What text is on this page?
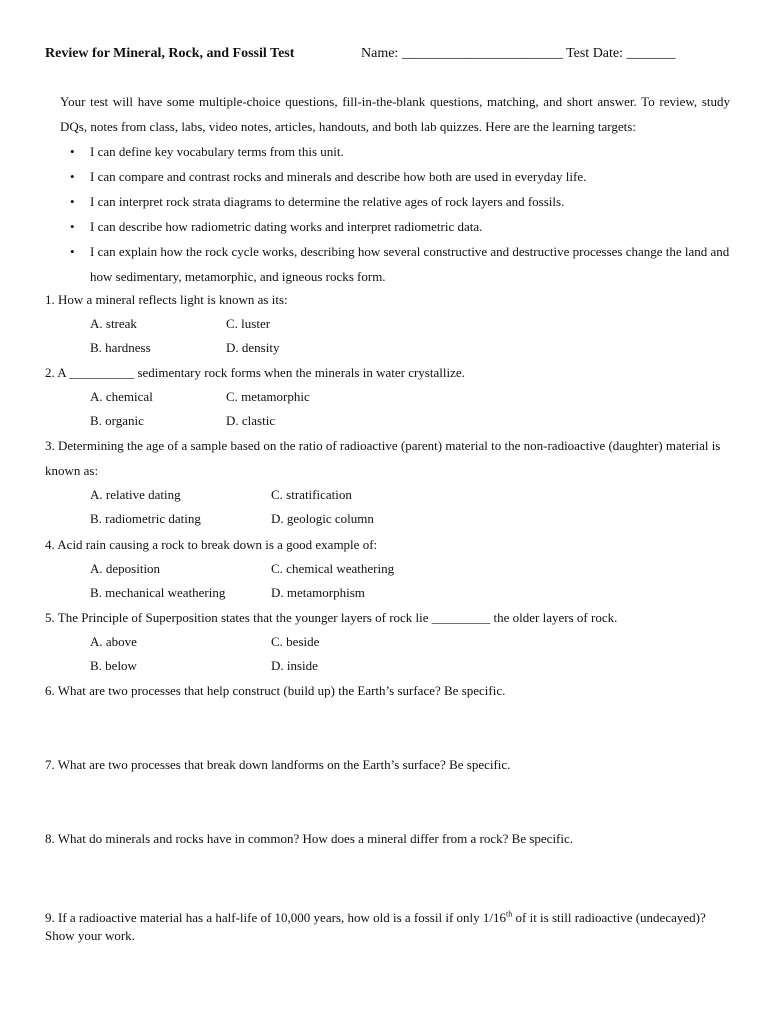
Review for Mineral, Rock, and Fossil Test	Name: _______________________ Test Date: _______

Your test will have some multiple-choice questions, fill-in-the-blank questions, matching, and short answer. To review, study DQs, notes from class, labs, video notes, articles, handouts, and both lab quizzes. Here are the learning targets:

• I can define key vocabulary terms from this unit.
• I can compare and contrast rocks and minerals and describe how both are used in everyday life.
• I can interpret rock strata diagrams to determine the relative ages of rock layers and fossils.
• I can describe how radiometric dating works and interpret radiometric data.
• I can explain how the rock cycle works, describing how several constructive and destructive processes change the land and how sedimentary, metamorphic, and igneous rocks form.

1. How a mineral reflects light is known as its:

A. streak	C. luster
B. hardness	D. density

2. A __________ sedimentary rock forms when the minerals in water crystallize.

A. chemical	C. metamorphic
B. organic	D. clastic

3. Determining the age of a sample based on the ratio of radioactive (parent) material to the non-radioactive (daughter) material is known as:

A. relative dating	C. stratification
B. radiometric dating	D. geologic column

4. Acid rain causing a rock to break down is a good example of:

A. deposition	C. chemical weathering
B. mechanical weathering	D. metamorphism

5. The Principle of Superposition states that the younger layers of rock lie _________ the older layers of rock.

A. above	C. beside
B. below	D. inside

6. What are two processes that help construct (build up) the Earth’s surface? Be specific.

7. What are two processes that break down landforms on the Earth’s surface? Be specific.

8. What do minerals and rocks have in common? How does a mineral differ from a rock? Be specific.

9. If a radioactive material has a half-life of 10,000 years, how old is a fossil if only 1/16th of it is still radioactive (undecayed)? Show your work.
